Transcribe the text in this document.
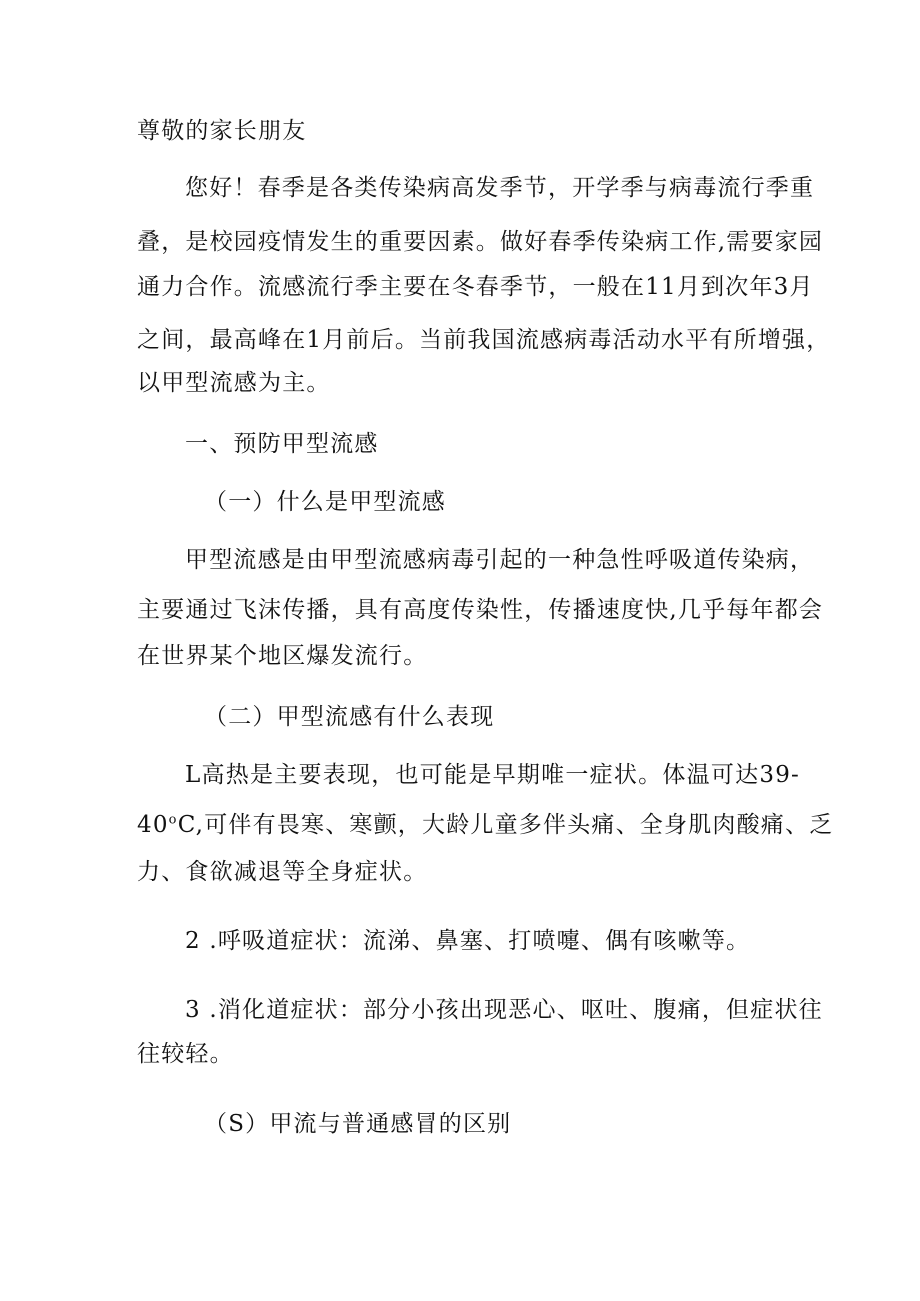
尊敬的家长朋友
您好！春季是各类传染病高发季节，开学季与病毒流行季重
叠，是校园疫情发生的重要因素。做好春季传染病工作,需要家园
通力合作。流感流行季主要在冬春季节，一般在11月到次年3月
之间，最高峰在1月前后。当前我国流感病毒活动水平有所增强，
以甲型流感为主。
一、预防甲型流感
（一）什么是甲型流感
甲型流感是由甲型流感病毒引起的一种急性呼吸道传染病，
主要通过飞沫传播，具有高度传染性，传播速度快,几乎每年都会
在世界某个地区爆发流行。
（二）甲型流感有什么表现
L高热是主要表现，也可能是早期唯一症状。体温可达39-
40$^o$C,可伴有畏寒、寒颤，大龄儿童多伴头痛、全身肌肉酸痛、乏
力、食欲减退等全身症状。
2 .呼吸道症状：流涕、鼻塞、打喷嚏、偶有咳嗽等。
3 .消化道症状：部分小孩出现恶心、呕吐、腹痛，但症状往
往较轻。
（S）甲流与普通感冒的区别
